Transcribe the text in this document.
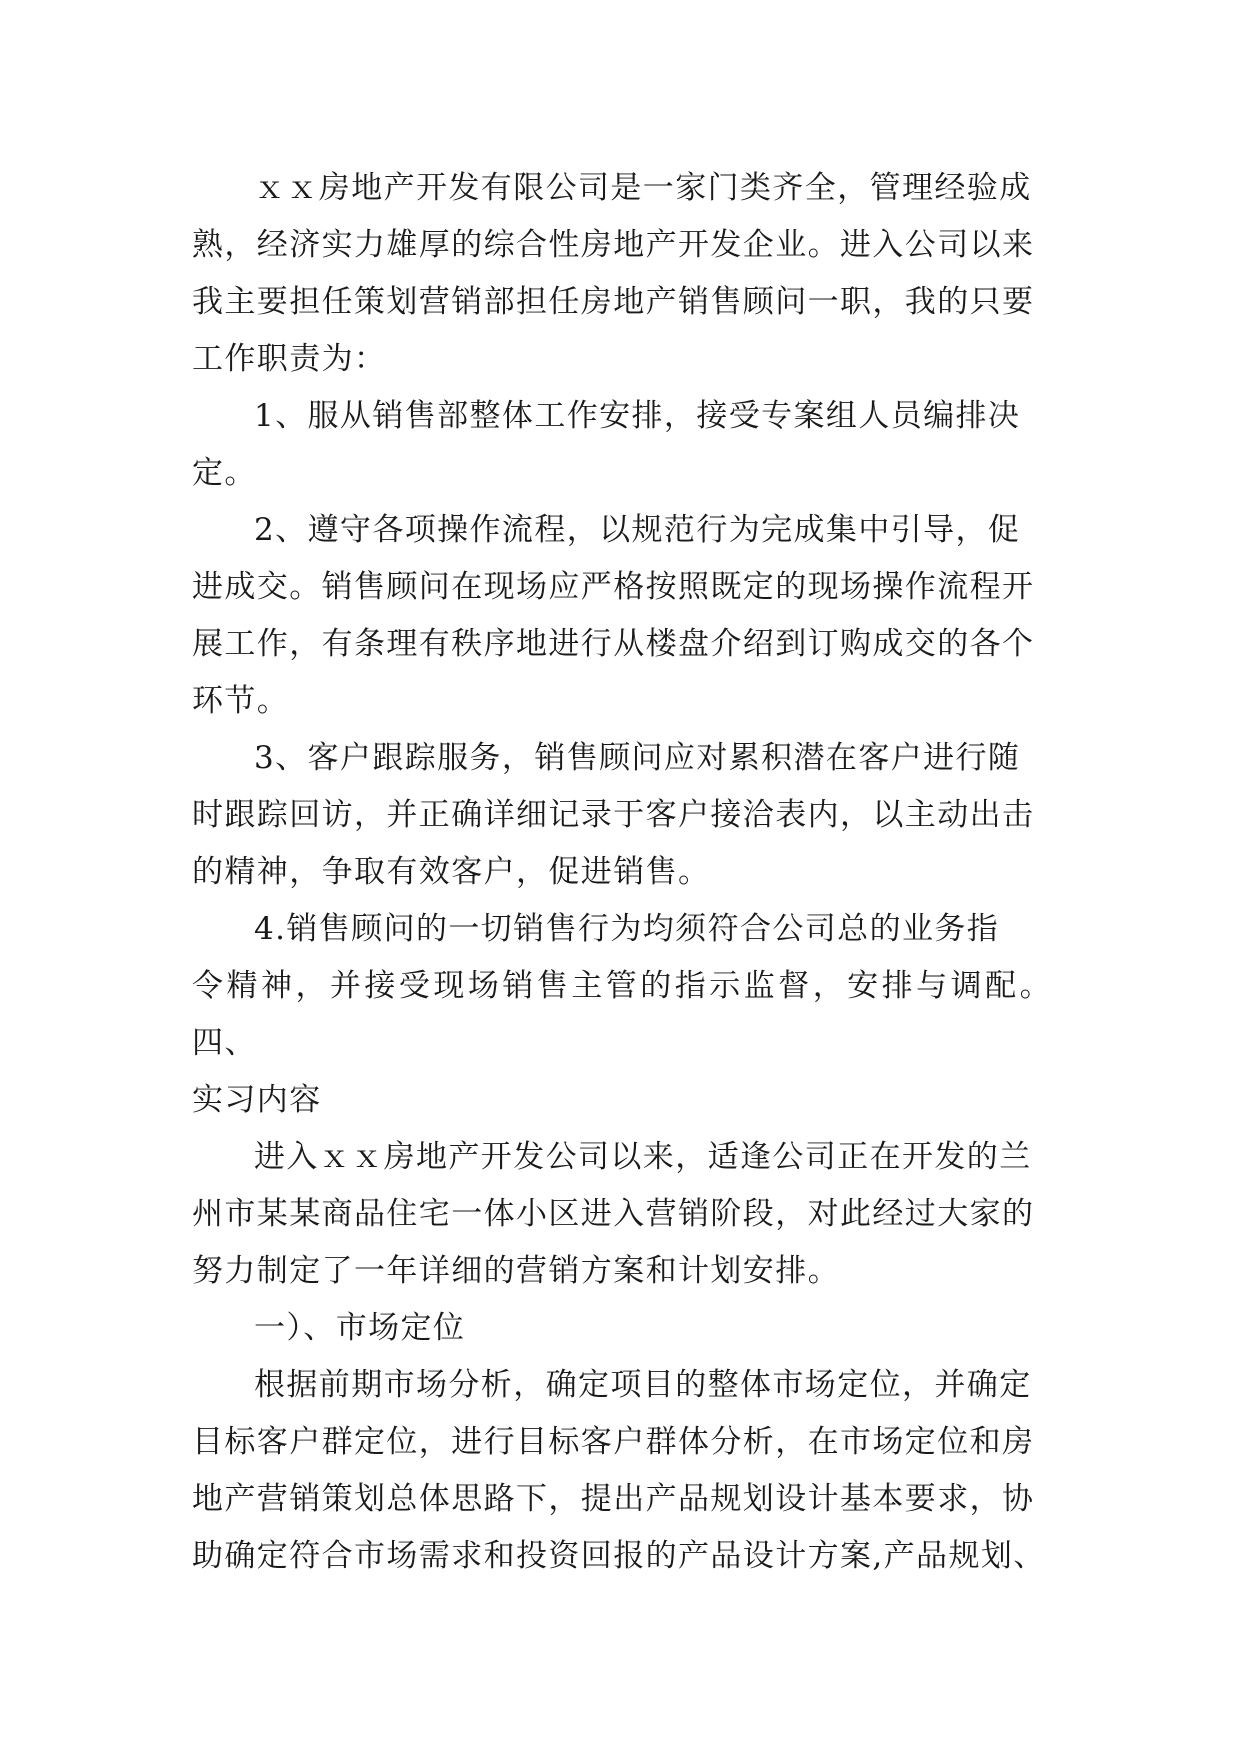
ｘｘ房地产开发有限公司是一家门类齐全，管理经验成
熟，经济实力雄厚的综合性房地产开发企业。进入公司以来
我主要担任策划营销部担任房地产销售顾问一职，我的只要
工作职责为：

1、服从销售部整体工作安排，接受专案组人员编排决
定。

2、遵守各项操作流程，以规范行为完成集中引导，促
进成交。销售顾问在现场应严格按照既定的现场操作流程开
展工作，有条理有秩序地进行从楼盘介绍到订购成交的各个
环节。

3、客户跟踪服务，销售顾问应对累积潜在客户进行随
时跟踪回访，并正确详细记录于客户接洽表内，以主动出击
的精神，争取有效客户，促进销售。

4.销售顾问的一切销售行为均须符合公司总的业务指
令精神，并接受现场销售主管的指示监督，安排与调配。四、
实习内容

进入ｘｘ房地产开发公司以来，适逢公司正在开发的兰
州市某某商品住宅一体小区进入营销阶段，对此经过大家的
努力制定了一年详细的营销方案和计划安排。

一）、市场定位

根据前期市场分析，确定项目的整体市场定位，并确定
目标客户群定位，进行目标客户群体分析，在市场定位和房
地产营销策划总体思路下，提出产品规划设计基本要求，协
助确定符合市场需求和投资回报的产品设计方案,产品规划、
